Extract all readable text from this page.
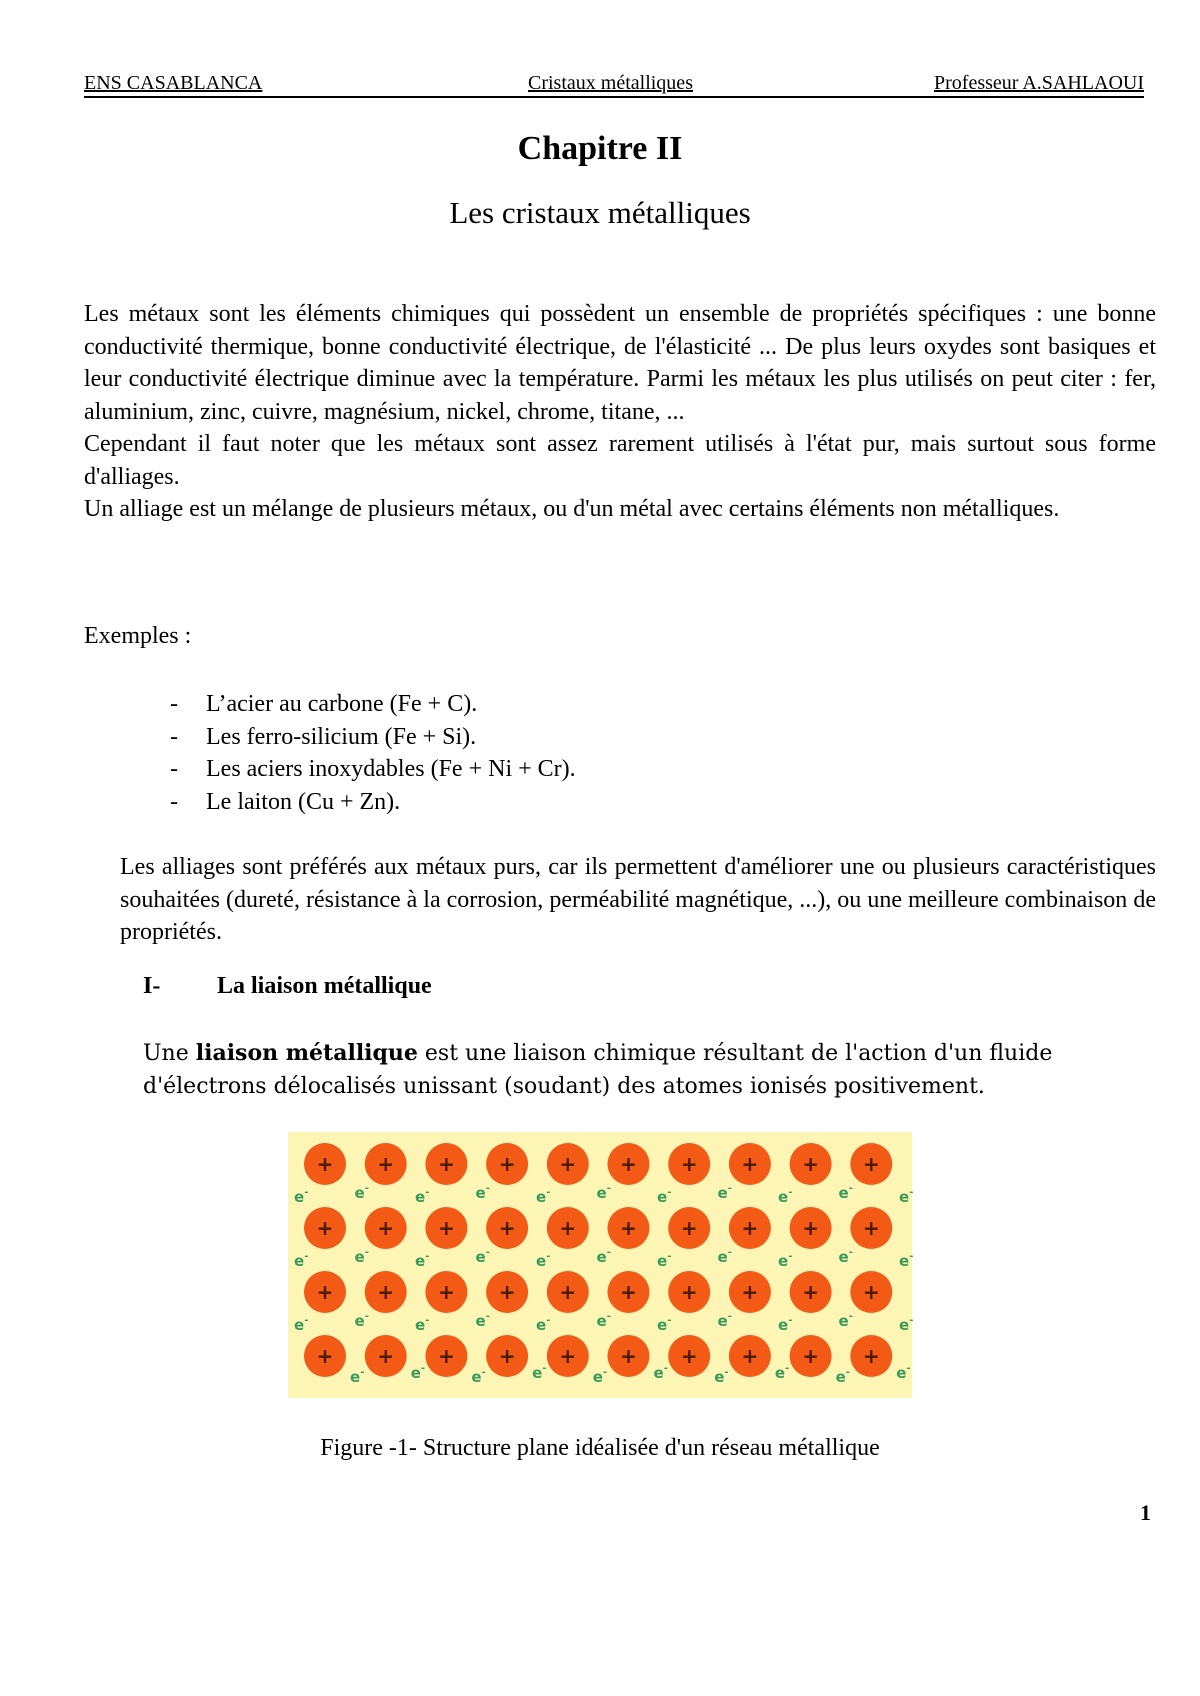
ENS CASABLANCA	Cristaux métalliques	Professeur A.SAHLAOUI
Chapitre II
Les cristaux métalliques

Les métaux sont les éléments chimiques qui possèdent un ensemble de propriétés spécifiques : une bonne conductivité thermique, bonne conductivité électrique, de l'élasticité ... De plus leurs oxydes sont basiques et leur conductivité électrique diminue avec la température. Parmi les métaux les plus utilisés on peut citer : fer, aluminium, zinc, cuivre, magnésium, nickel, chrome, titane, ...

Cependant il faut noter que les métaux sont assez rarement utilisés à l'état pur, mais surtout sous forme d'alliages.

Un alliage est un mélange de plusieurs métaux, ou d'un métal avec certains éléments non métalliques.

Exemples :
- L’acier au carbone (Fe + C).
- Les ferro-silicium (Fe + Si).
- Les aciers inoxydables (Fe + Ni + Cr).
- Le laiton (Cu + Zn).

Les alliages sont préférés aux métaux purs, car ils permettent d'améliorer une ou plusieurs caractéristiques souhaitées (dureté, résistance à la corrosion, perméabilité magnétique, ...), ou une meilleure combinaison de propriétés.

I- La liaison métallique

Une liaison métallique est une liaison chimique résultant de l'action d'un fluide d'électrons délocalisés unissant (soudant) des atomes ionisés positivement.

+ + + + + + + + + +
+ + + + + + + + + +
+ + + + + + + + + +
+ + + + + + + + + +
e-	e-	e-	e-	e-	e-	e-	e-	e-	e-	e-
e-	e-	e-	e-	e-	e-	e-	e-	e-	e-	e-
e-	e-	e-	e-	e-	e-	e-	e-	e-	e-	e-
e-	e-	e-	e-	e-	e-	e-	e-	e-	e-
Figure -1- Structure plane idéalisée d'un réseau métallique
1
